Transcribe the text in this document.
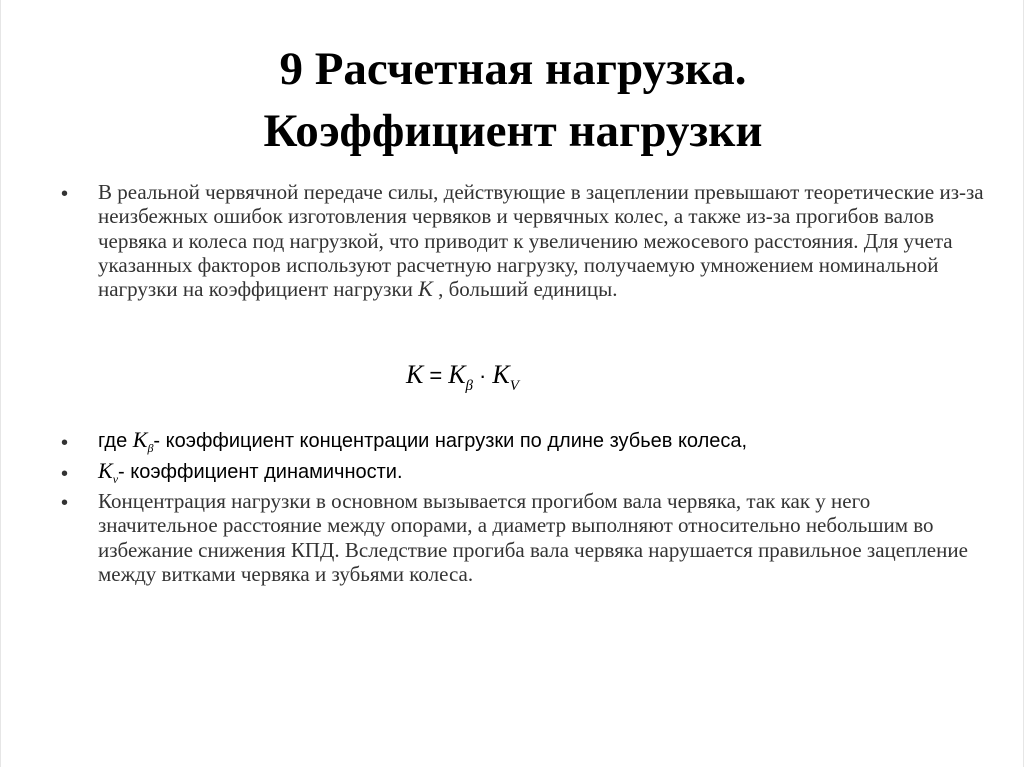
9 Расчетная нагрузка.
Коэффициент нагрузки
• В реальной червячной передаче силы, действующие в зацеплении превышают теоретические из-за неизбежных ошибок изготовления червяков и червячных колес, а также из-за прогибов валов червяка и колеса под нагрузкой, что приводит к увеличению межосевого расстояния. Для учета указанных факторов используют расчетную нагрузку, получаемую умножением номинальной нагрузки на коэффициент нагрузки K , больший единицы.
$K = K_\beta \cdot K_V$
• где $K_\beta-$ коэффициент концентрации нагрузки по длине зубьев колеса,
• $K_v-$ коэффициент динамичности.
• Концентрация нагрузки в основном вызывается прогибом вала червяка, так как у него значительное расстояние между опорами, а диаметр выполняют относительно небольшим во избежание снижения КПД. Вследствие прогиба вала червяка нарушается правильное зацепление между витками червяка и зубьями колеса.
